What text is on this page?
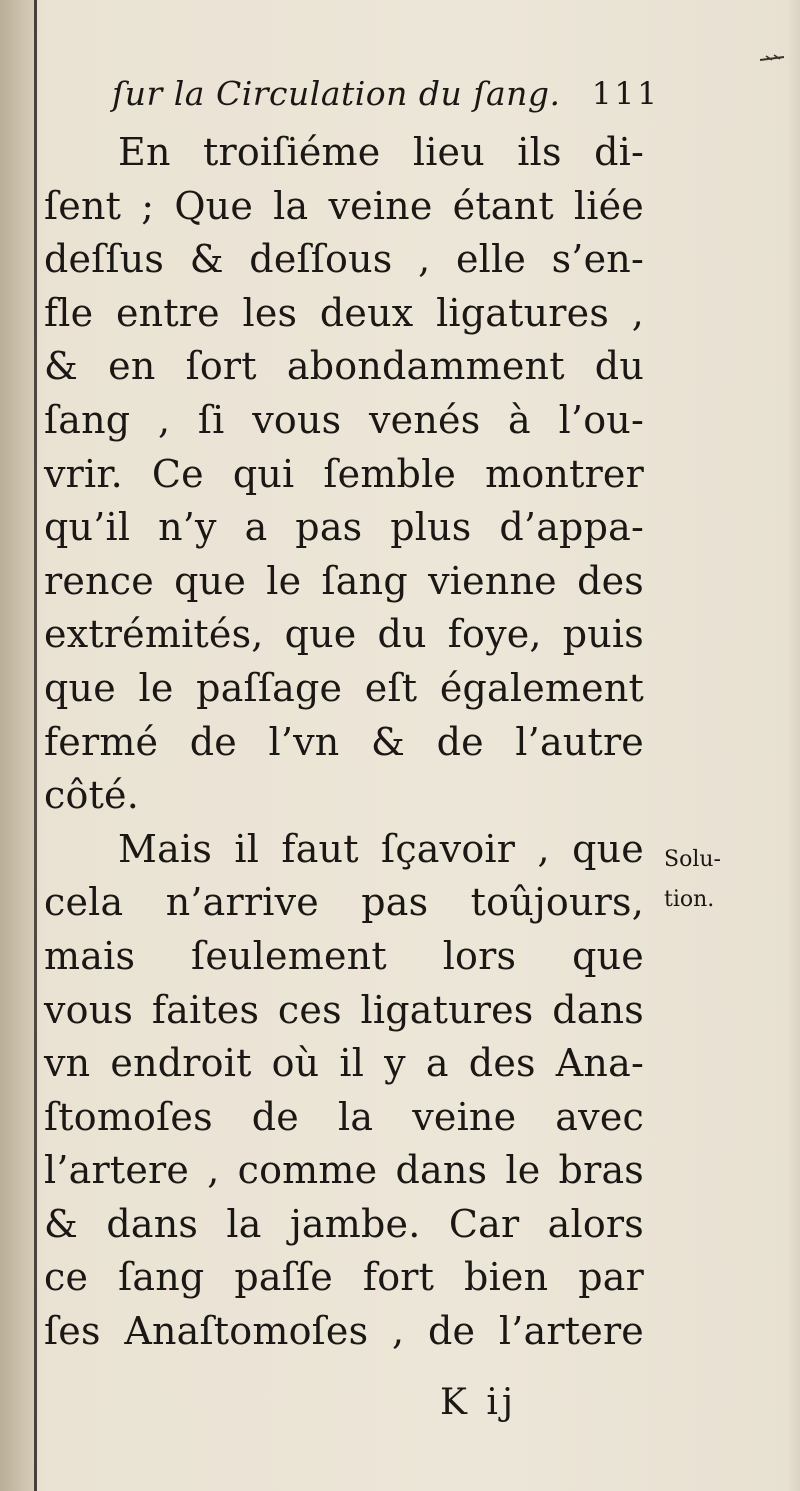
ſur la Circulation du ſang. 111
En troiſiéme lieu ils di-
ſent ; Que la veine étant liée
deſſus & deſſous , elle s’en-
fle entre les deux ligatures ,
& en ſort abondamment du
ſang , ſi vous venés à l’ou-
vrir. Ce qui ſemble montrer
qu’il n’y a pas plus d’appa-
rence que le ſang vienne des
extrémités, que du foye, puis
que le paſſage eſt également
fermé de l’vn & de l’autre
côté.
Mais il faut ſçavoir , que
cela n’arrive pas toûjours,
mais ſeulement lors que
vous faites ces ligatures dans
vn endroit où il y a des Ana-
ſtomoſes de la veine avec
l’artere , comme dans le bras
& dans la jambe. Car alors
ce ſang paſſe fort bien par
ſes Anaſtomoſes , de l’artere
Solu-
tion.
K ij
